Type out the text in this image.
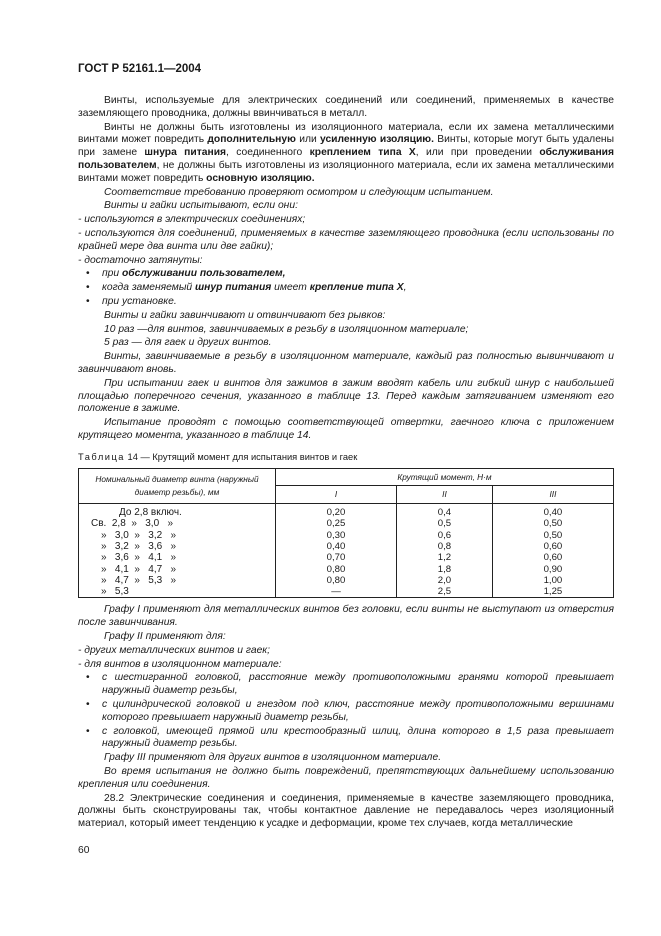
ГОСТ Р 52161.1—2004

Винты, используемые для электрических соединений или соединений, применяемых в качестве заземляющего проводника, должны ввинчиваться в металл.

Винты не должны быть изготовлены из изоляционного материала, если их замена металлическими винтами может повредить дополнительную или усиленную изоляцию. Винты, которые могут быть удалены при замене шнура питания, соединенного креплением типа X, или при проведении обслуживания пользователем, не должны быть изготовлены из изоляционного материала, если их замена металлическими винтами может повредить основную изоляцию.

Соответствие требованию проверяют осмотром и следующим испытанием.

Винты и гайки испытывают, если они:

- используются в электрических соединениях;

- используются для соединений, применяемых в качестве заземляющего проводника (если использованы по крайней мере два винта или две гайки);

- достаточно затянуты:

• при обслуживании пользователем,

• когда заменяемый шнур питания имеет крепление типа X,

• при установке.

Винты и гайки завинчивают и отвинчивают без рывков:

10 раз —для винтов, завинчиваемых в резьбу в изоляционном материале;

5 раз — для гаек и других винтов.

Винты, завинчиваемые в резьбу в изоляционном материале, каждый раз полностью вывинчивают и завинчивают вновь.

При испытании гаек и винтов для зажимов в зажим вводят кабель или гибкий шнур с наибольшей площадью поперечного сечения, указанного в таблице 13. Перед каждым затягиванием изменяют его положение в зажиме.

Испытание проводят с помощью соответствующей отвертки, гаечного ключа с приложением крутящего момента, указанного в таблице 14.

Таблица 14 — Крутящий момент для испытания винтов и гаек
Номинальный диаметр винта (наружный диаметр резьбы), мм	Крутящий момент, Н·м		
	I	II	III

До 2,8 включ.	0,20	0,4	0,40
Св.  2,8  »   3,0   »	0,25	0,5	0,50
»   3,0  »   3,2   »	0,30	0,6	0,50
»   3,2  »   3,6   »	0,40	0,8	0,60
»   3,6  »   4,1   »	0,70	1,2	0,60
»   4,1  »   4,7   »	0,80	1,8	0,90
»   4,7  »   5,3   »	0,80	2,0	1,00
»   5,3	—	2,5	1,25

Графу I применяют для металлических винтов без головки, если винты не выступают из отверстия после завинчивания.

Графу II применяют для:

- других металлических винтов и гаек;

- для винтов в изоляционном материале:

• с шестигранной головкой, расстояние между противоположными гранями которой превышает наружный диаметр резьбы,

• с цилиндрической головкой и гнездом под ключ, расстояние между противоположными вершинами которого превышает наружный диаметр резьбы,

• с головкой, имеющей прямой или крестообразный шлиц, длина которого в 1,5 раза превышает наружный диаметр резьбы.

Графу III применяют для других винтов в изоляционном материале.

Во время испытания не должно быть повреждений, препятствующих дальнейшему использованию крепления или соединения.

28.2 Электрические соединения и соединения, применяемые в качестве заземляющего проводника, должны быть сконструированы так, чтобы контактное давление не передавалось через изоляционный материал, который имеет тенденцию к усадке и деформации, кроме тех случаев, когда металлические

60
